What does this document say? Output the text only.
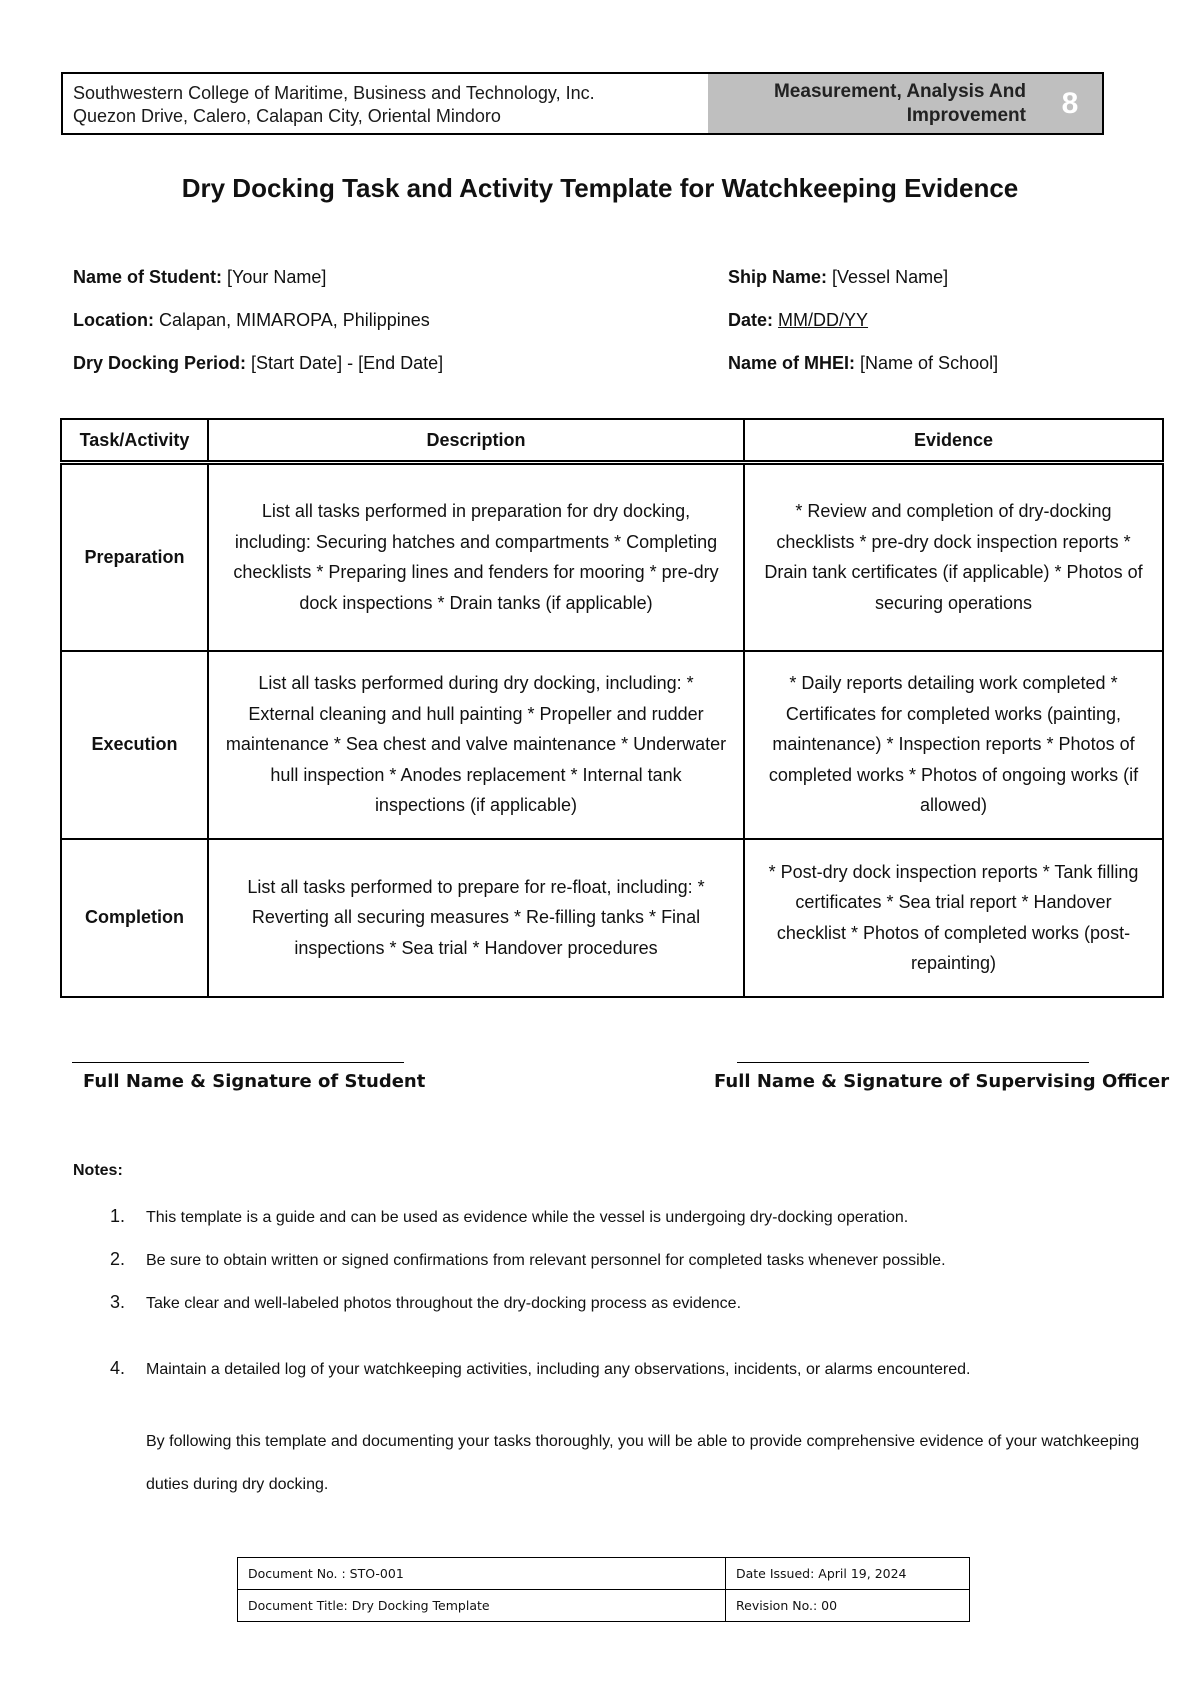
Southwestern College of Maritime, Business and Technology, Inc.
Quezon Drive, Calero, Calapan City, Oriental Mindoro
Measurement, Analysis And
Improvement	8
Dry Docking Task and Activity Template for Watchkeeping Evidence
Name of Student: [Your Name]	Ship Name: [Vessel Name]
Location: Calapan, MIMAROPA, Philippines	Date: MM/DD/YY
Dry Docking Period: [Start Date] - [End Date]	Name of MHEI: [Name of School]
Task/Activity	Description	Evidence
Preparation	List all tasks performed in preparation for dry docking, including: Securing hatches and compartments * Completing checklists * Preparing lines and fenders for mooring * pre-dry dock inspections * Drain tanks (if applicable)	* Review and completion of dry-docking checklists * pre-dry dock inspection reports * Drain tank certificates (if applicable) * Photos of securing operations
Execution	List all tasks performed during dry docking, including: * External cleaning and hull painting * Propeller and rudder maintenance * Sea chest and valve maintenance * Underwater hull inspection * Anodes replacement * Internal tank inspections (if applicable)	* Daily reports detailing work completed * Certificates for completed works (painting, maintenance) * Inspection reports * Photos of completed works * Photos of ongoing works (if allowed)
Completion	List all tasks performed to prepare for re-float, including: * Reverting all securing measures * Re-filling tanks * Final inspections * Sea trial * Handover procedures	* Post-dry dock inspection reports * Tank filling certificates * Sea trial report * Handover checklist * Photos of completed works (post-repainting)
Full Name & Signature of Student	Full Name & Signature of Supervising Officer
Notes:
1. This template is a guide and can be used as evidence while the vessel is undergoing dry-docking operation.
2. Be sure to obtain written or signed confirmations from relevant personnel for completed tasks whenever possible.
3. Take clear and well-labeled photos throughout the dry-docking process as evidence.
4. Maintain a detailed log of your watchkeeping activities, including any observations, incidents, or alarms encountered.
By following this template and documenting your tasks thoroughly, you will be able to provide comprehensive evidence of your watchkeeping duties during dry docking.
Document No. : STO-001	Date Issued: April 19, 2024
Document Title: Dry Docking Template	Revision No.: 00
